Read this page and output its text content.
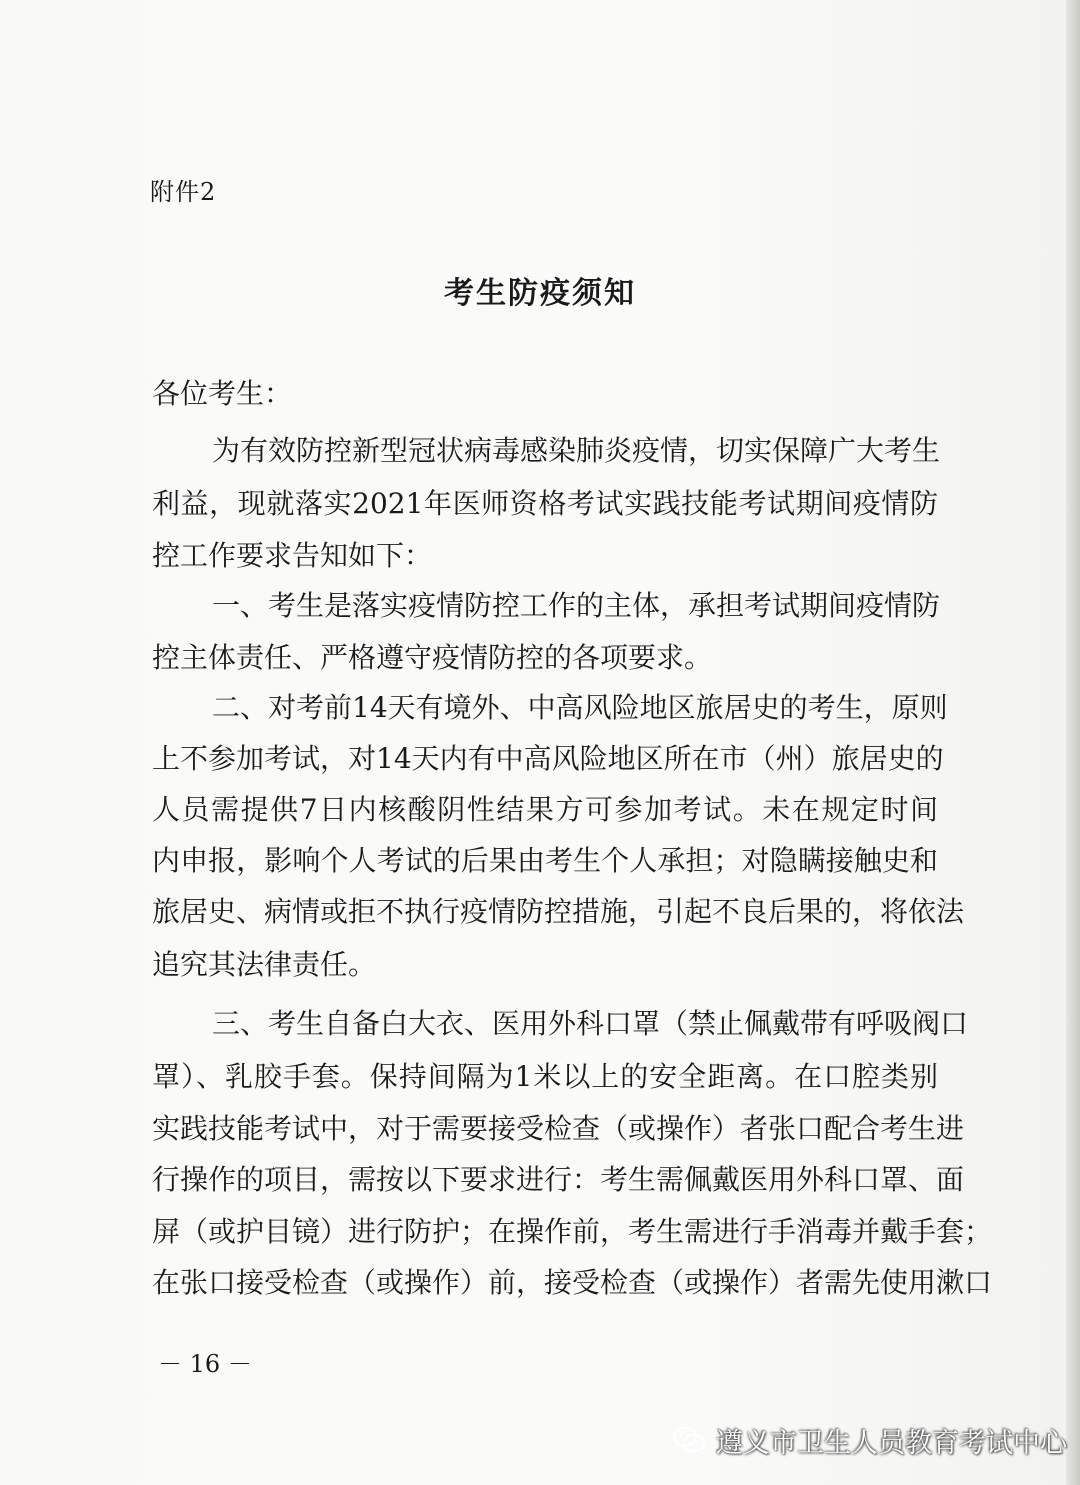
附件2
考生防疫须知
各位考生：
为有效防控新型冠状病毒感染肺炎疫情，切实保障广大考生
利益，现就落实2021年医师资格考试实践技能考试期间疫情防
控工作要求告知如下：
一、考生是落实疫情防控工作的主体，承担考试期间疫情防
控主体责任、严格遵守疫情防控的各项要求。
二、对考前14天有境外、中高风险地区旅居史的考生，原则
上不参加考试，对14天内有中高风险地区所在市（州）旅居史的
人员需提供7日内核酸阴性结果方可参加考试。未在规定时间
内申报，影响个人考试的后果由考生个人承担；对隐瞒接触史和
旅居史、病情或拒不执行疫情防控措施，引起不良后果的，将依法
追究其法律责任。
三、考生自备白大衣、医用外科口罩（禁止佩戴带有呼吸阀口
罩）、乳胶手套。保持间隔为1米以上的安全距离。在口腔类别
实践技能考试中，对于需要接受检查（或操作）者张口配合考生进
行操作的项目，需按以下要求进行：考生需佩戴医用外科口罩、面
屏（或护目镜）进行防护；在操作前，考生需进行手消毒并戴手套；
在张口接受检查（或操作）前，接受检查（或操作）者需先使用漱口
－ 16 －
遵义市卫生人员教育考试中心
